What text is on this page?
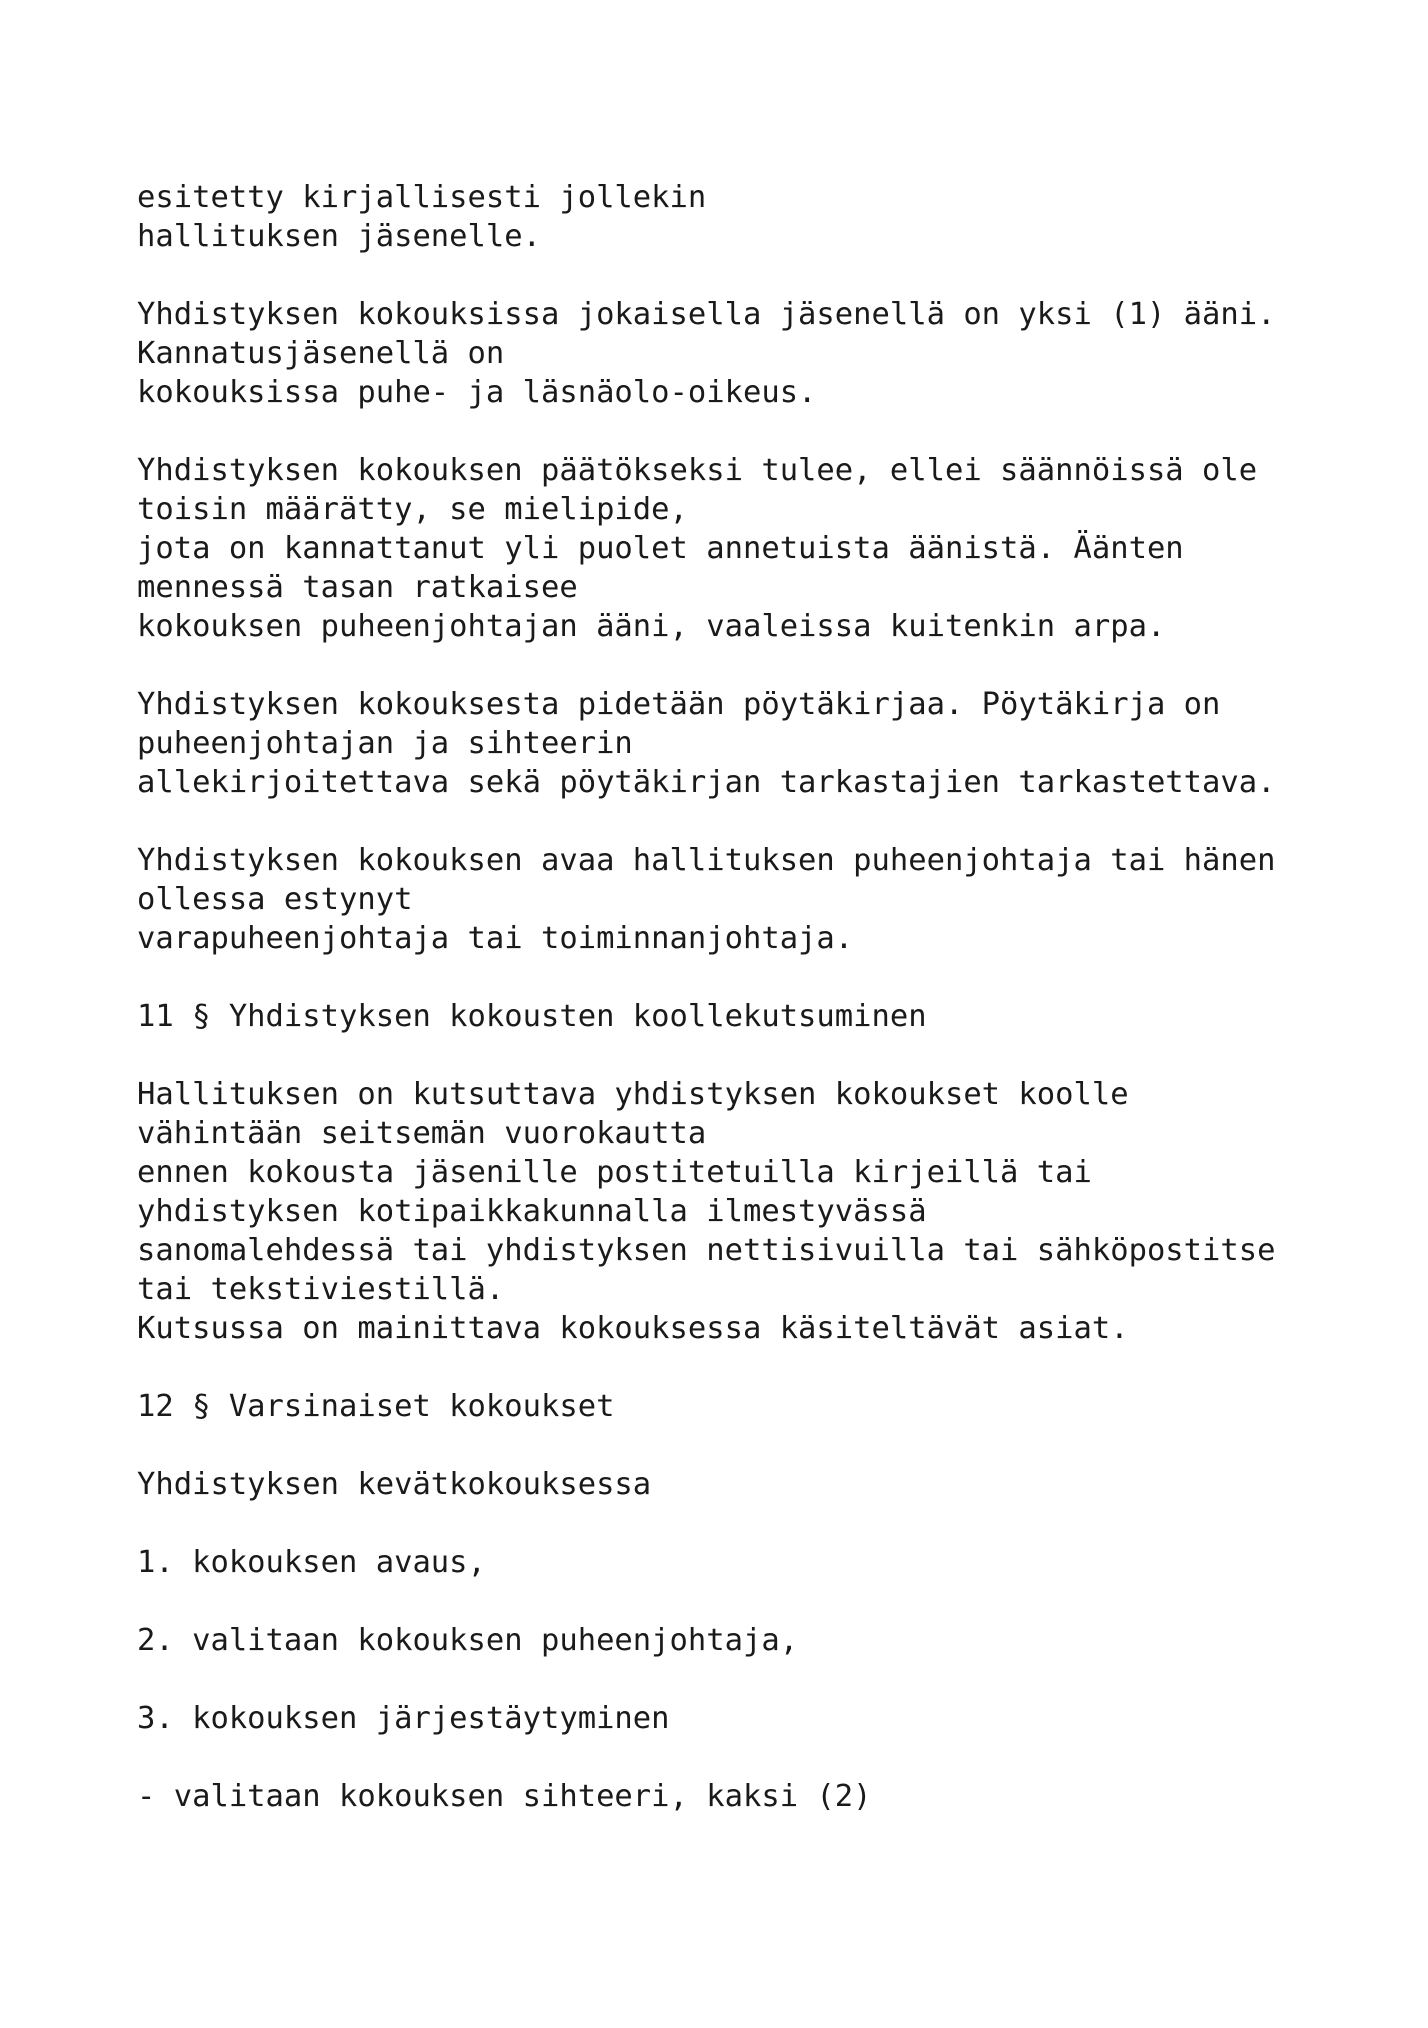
esitetty kirjallisesti jollekin
hallituksen jäsenelle.
Yhdistyksen kokouksissa jokaisella jäsenellä on yksi (1) ääni.
Kannatusjäsenellä on
kokouksissa puhe- ja läsnäolo-oikeus.
Yhdistyksen kokouksen päätökseksi tulee, ellei säännöissä ole
toisin määrätty, se mielipide,
jota on kannattanut yli puolet annetuista äänistä. Äänten
mennessä tasan ratkaisee
kokouksen puheenjohtajan ääni, vaaleissa kuitenkin arpa.
Yhdistyksen kokouksesta pidetään pöytäkirjaa. Pöytäkirja on
puheenjohtajan ja sihteerin
allekirjoitettava sekä pöytäkirjan tarkastajien tarkastettava.
Yhdistyksen kokouksen avaa hallituksen puheenjohtaja tai hänen
ollessa estynyt
varapuheenjohtaja tai toiminnanjohtaja.
11 § Yhdistyksen kokousten koollekutsuminen
Hallituksen on kutsuttava yhdistyksen kokoukset koolle
vähintään seitsemän vuorokautta
ennen kokousta jäsenille postitetuilla kirjeillä tai
yhdistyksen kotipaikkakunnalla ilmestyvässä
sanomalehdessä tai yhdistyksen nettisivuilla tai sähköpostitse
tai tekstiviestillä.
Kutsussa on mainittava kokouksessa käsiteltävät asiat.
12 § Varsinaiset kokoukset
Yhdistyksen kevätkokouksessa
1. kokouksen avaus,
2. valitaan kokouksen puheenjohtaja,
3. kokouksen järjestäytyminen
- valitaan kokouksen sihteeri, kaksi (2)
